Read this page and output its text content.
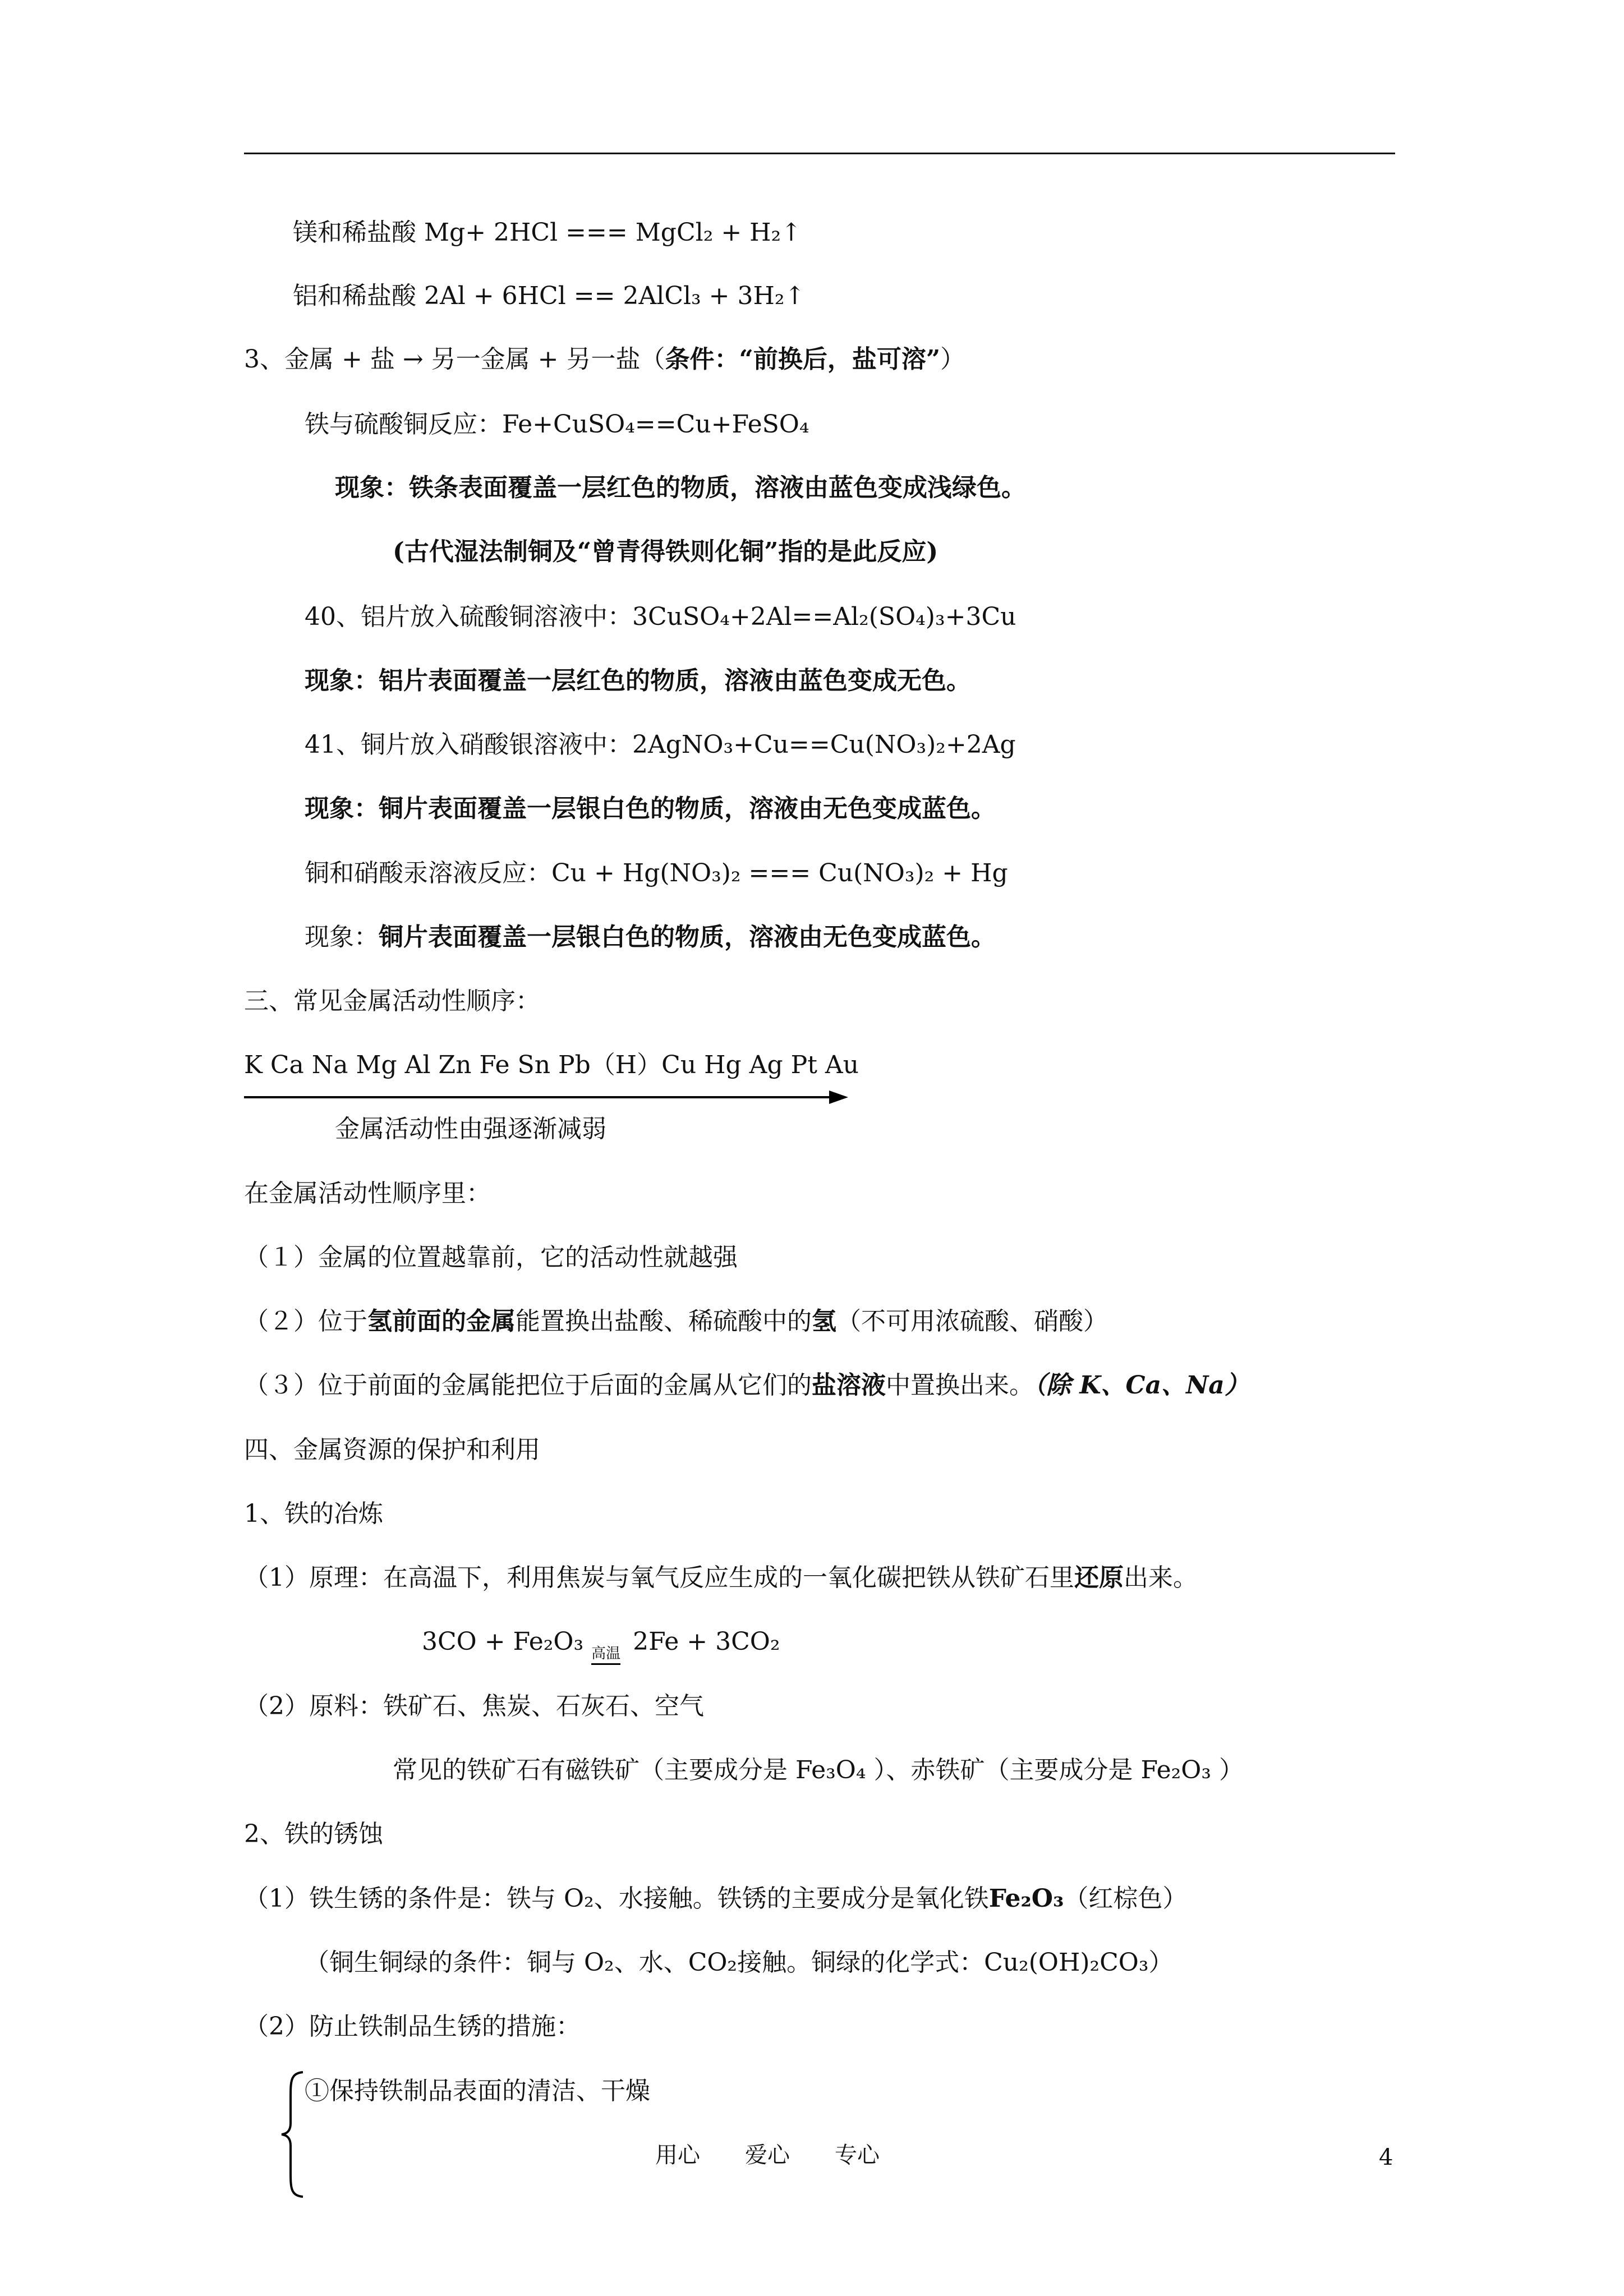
镁和稀盐酸 Mg+ 2HCl === MgCl₂ + H₂↑
铝和稀盐酸 2Al + 6HCl == 2AlCl₃ + 3H₂↑
3、金属 + 盐 → 另一金属 + 另一盐（条件：“前换后，盐可溶”）
铁与硫酸铜反应：Fe+CuSO₄==Cu+FeSO₄
现象：铁条表面覆盖一层红色的物质，溶液由蓝色变成浅绿色。
(古代湿法制铜及“曾青得铁则化铜”指的是此反应)
40、铝片放入硫酸铜溶液中：3CuSO₄+2Al==Al₂(SO₄)₃+3Cu
现象：铝片表面覆盖一层红色的物质，溶液由蓝色变成无色。
41、铜片放入硝酸银溶液中：2AgNO₃+Cu==Cu(NO₃)₂+2Ag
现象：铜片表面覆盖一层银白色的物质，溶液由无色变成蓝色。
铜和硝酸汞溶液反应：Cu + Hg(NO₃)₂ === Cu(NO₃)₂ + Hg
现象：铜片表面覆盖一层银白色的物质，溶液由无色变成蓝色。
三、常见金属活动性顺序：
K Ca Na Mg Al Zn Fe Sn Pb（H）Cu Hg Ag Pt Au
金属活动性由强逐渐减弱
在金属活动性顺序里：
（１）金属的位置越靠前，它的活动性就越强
（２）位于氢前面的金属能置换出盐酸、稀硫酸中的氢（不可用浓硫酸、硝酸）
（３）位于前面的金属能把位于后面的金属从它们的盐溶液中置换出来。（除 K、Ca、Na）
四、金属资源的保护和利用
1、铁的冶炼
（1）原理：在高温下，利用焦炭与氧气反应生成的一氧化碳把铁从铁矿石里还原出来。
3CO + Fe₂O₃ 高温 2Fe + 3CO₂
（2）原料：铁矿石、焦炭、石灰石、空气
常见的铁矿石有磁铁矿（主要成分是 Fe₃O₄ ）、赤铁矿（主要成分是 Fe₂O₃ ）
2、铁的锈蚀
（1）铁生锈的条件是：铁与 O₂、水接触。铁锈的主要成分是氧化铁Fe₂O₃（红棕色）
（铜生铜绿的条件：铜与 O₂、水、CO₂接触。铜绿的化学式：Cu₂(OH)₂CO₃）
（2）防止铁制品生锈的措施：
①保持铁制品表面的清洁、干燥
用心　　爱心　　专心	4
